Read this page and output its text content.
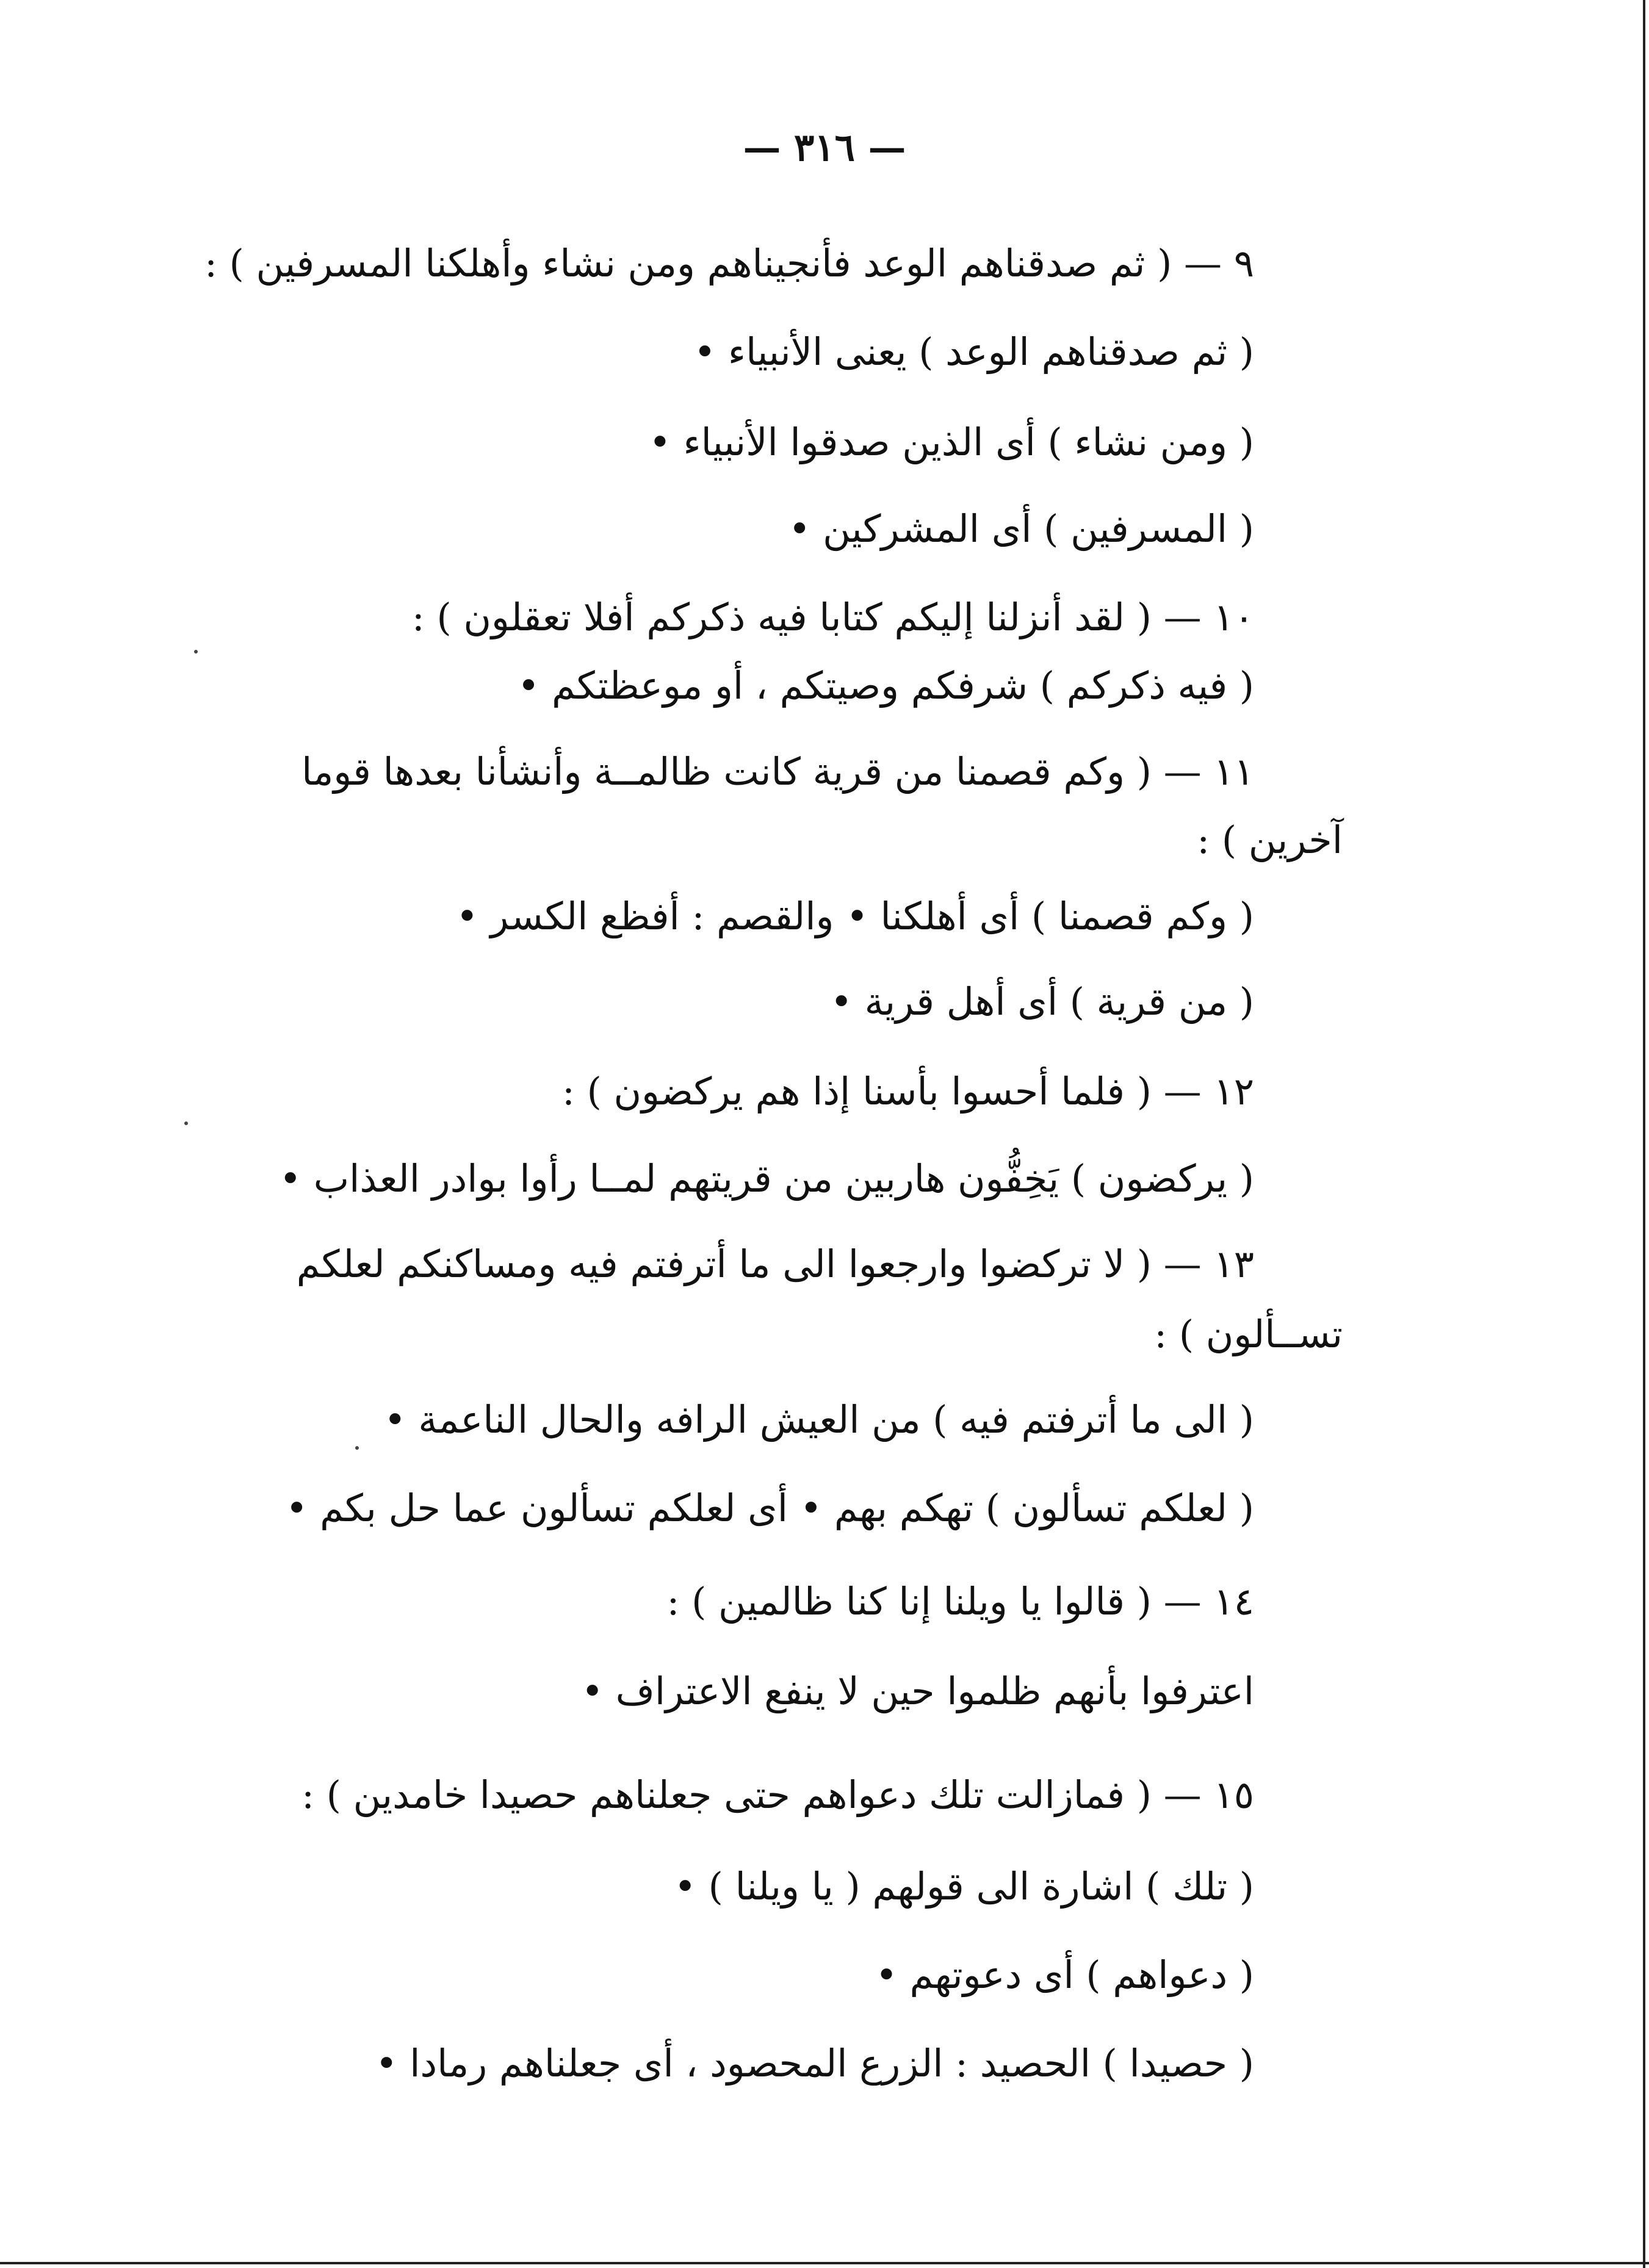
— ٣١٦ —
٩ — ( ثم صدقناهم الوعد فأنجيناهم ومن نشاء وأهلكنا المسرفين ) :
( ثم صدقناهم الوعد ) يعنى الأنبياء •
( ومن نشاء ) أى الذين صدقوا الأنبياء •
( المسرفين ) أى المشركين •
١٠ — ( لقد أنزلنا إليكم كتابا فيه ذكركم أفلا تعقلون ) :
( فيه ذكركم ) شرفكم وصيتكم ، أو موعظتكم •
١١ — ( وكم قصمنا من قرية كانت ظالمــة وأنشأنا بعدها قوما
آخرين ) :
( وكم قصمنا ) أى أهلكنا • والقصم : أفظع الكسر •
( من قرية ) أى أهل قرية •
١٢ — ( فلما أحسوا بأسنا إذا هم يركضون ) :
( يركضون ) يَخِفُّون هاربين من قريتهم لمــا رأوا بوادر العذاب •
١٣ — ( لا تركضوا وارجعوا الى ما أترفتم فيه ومساكنكم لعلكم
تســألون ) :
( الى ما أترفتم فيه ) من العيش الرافه والحال الناعمة •
( لعلكم تسألون ) تهكم بهم • أى لعلكم تسألون عما حل بكم •
١٤ — ( قالوا يا ويلنا إنا كنا ظالمين ) :
اعترفوا بأنهم ظلموا حين لا ينفع الاعتراف •
١٥ — ( فمازالت تلك دعواهم حتى جعلناهم حصيدا خامدين ) :
( تلك ) اشارة الى قولهم ( يا ويلنا ) •
( دعواهم ) أى دعوتهم •
( حصيدا ) الحصيد : الزرع المحصود ، أى جعلناهم رمادا •
